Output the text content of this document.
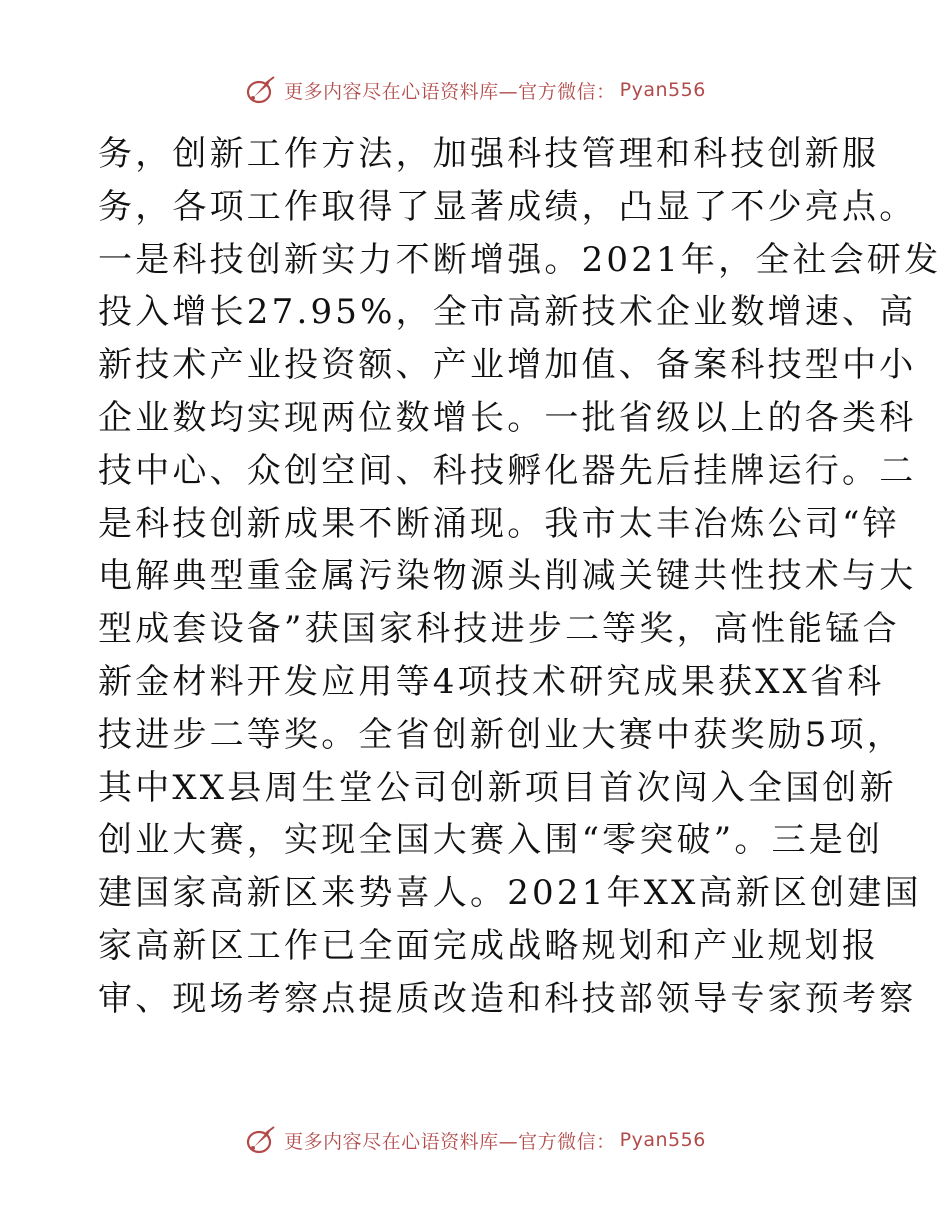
更多内容尽在心语资料库—官方微信： Pyan556
务，创新工作方法，加强科技管理和科技创新服
务，各项工作取得了显著成绩，凸显了不少亮点。
一是科技创新实力不断增强。2021年，全社会研发
投入增长27.95%，全市高新技术企业数增速、高
新技术产业投资额、产业增加值、备案科技型中小
企业数均实现两位数增长。一批省级以上的各类科
技中心、众创空间、科技孵化器先后挂牌运行。二
是科技创新成果不断涌现。我市太丰冶炼公司“锌
电解典型重金属污染物源头削减关键共性技术与大
型成套设备”获国家科技进步二等奖，高性能锰合
新金材料开发应用等4项技术研究成果获XX省科
技进步二等奖。全省创新创业大赛中获奖励5项，
其中XX县周生堂公司创新项目首次闯入全国创新
创业大赛，实现全国大赛入围“零突破”。三是创
建国家高新区来势喜人。2021年XX高新区创建国
家高新区工作已全面完成战略规划和产业规划报
审、现场考察点提质改造和科技部领导专家预考察
更多内容尽在心语资料库—官方微信： Pyan556
